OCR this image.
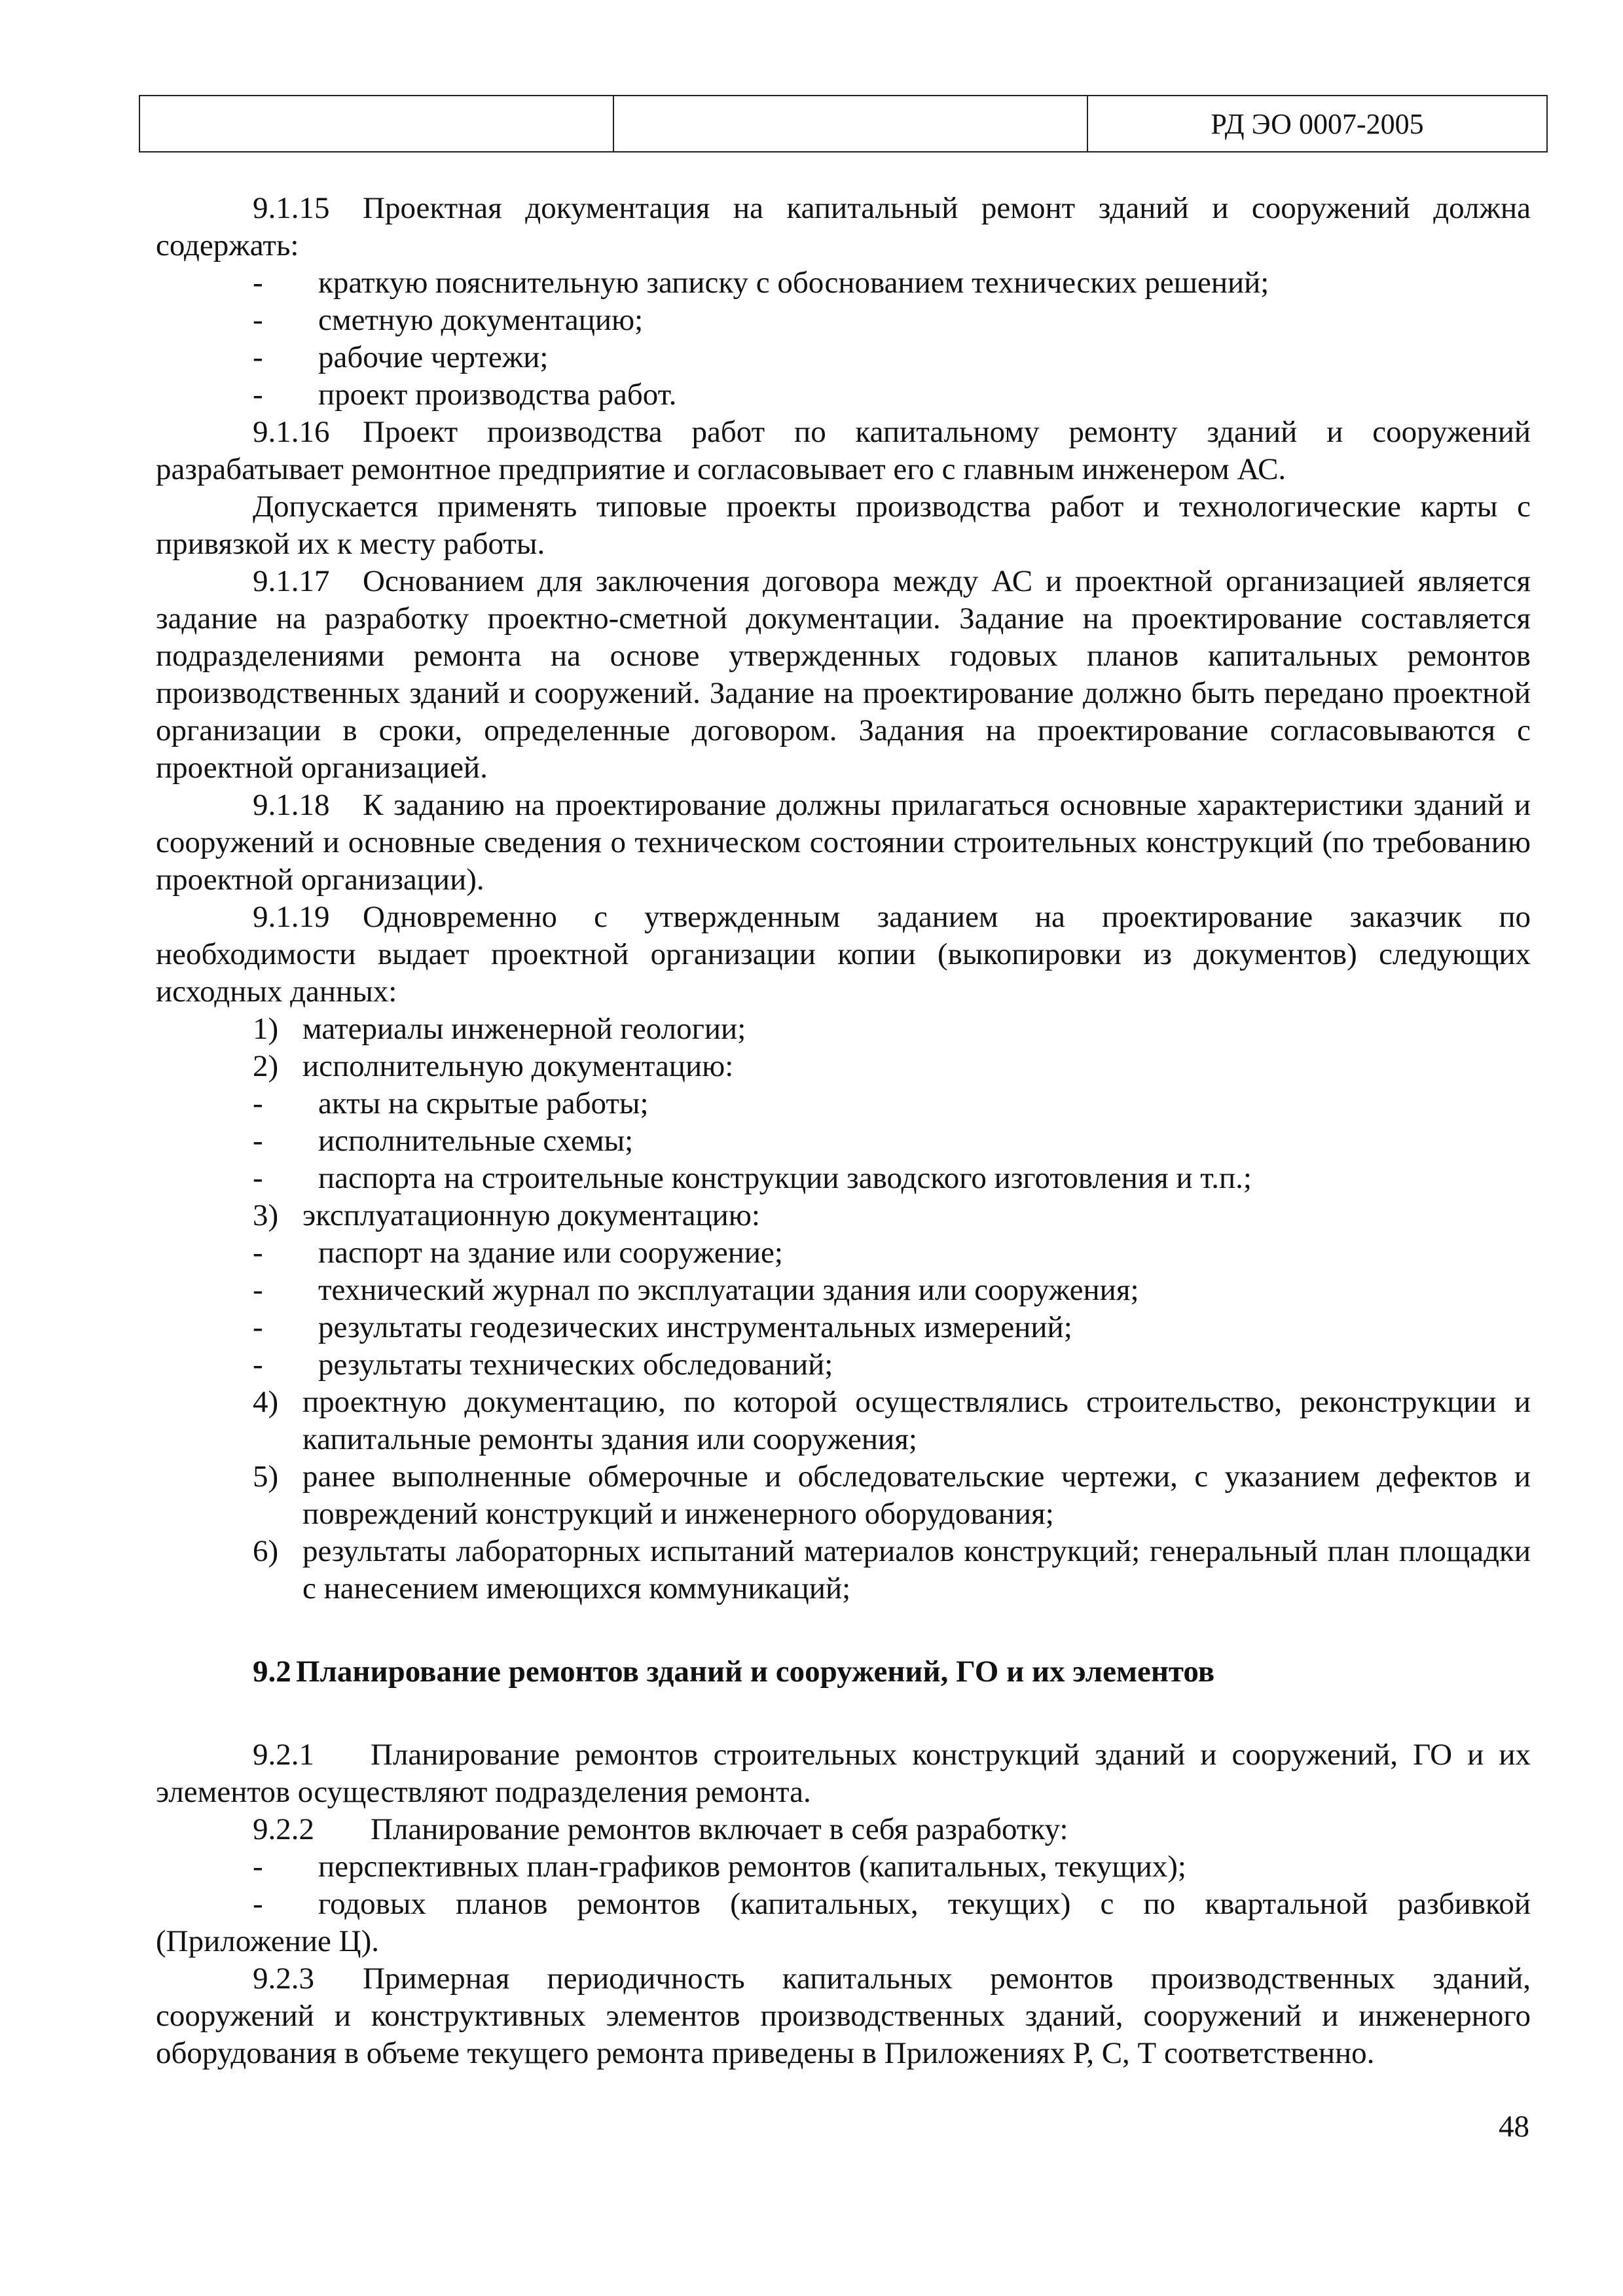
		РД ЭО 0007-2005

9.1.15 Проектная документация на капитальный ремонт зданий и сооружений должна содержать:

- краткую пояснительную записку с обоснованием технических решений;

- сметную документацию;

- рабочие чертежи;

- проект производства работ.

9.1.16 Проект производства работ по капитальному ремонту зданий и сооружений разрабатывает ремонтное предприятие и согласовывает его с главным инженером АС.

Допускается применять типовые проекты производства работ и технологические карты с привязкой их к месту работы.

9.1.17 Основанием для заключения договора между АС и проектной организацией является задание на разработку проектно-сметной документации. Задание на проектирование составляется подразделениями ремонта на основе утвержденных годовых планов капитальных ремонтов производственных зданий и сооружений. Задание на проектирование должно быть передано проектной организации в сроки, определенные договором. Задания на проектирование согласовываются с проектной организацией.

9.1.18 К заданию на проектирование должны прилагаться основные характеристики зданий и сооружений и основные сведения о техническом состоянии строительных конструкций (по требованию проектной организации).

9.1.19 Одновременно с утвержденным заданием на проектирование заказчик по необходимости выдает проектной организации копии (выкопировки из документов) следующих исходных данных:

1) материалы инженерной геологии;

2) исполнительную документацию:

- акты на скрытые работы;

- исполнительные схемы;

- паспорта на строительные конструкции заводского изготовления и т.п.;

3) эксплуатационную документацию:

- паспорт на здание или сооружение;

- технический журнал по эксплуатации здания или сооружения;

- результаты геодезических инструментальных измерений;

- результаты технических обследований;

4) проектную документацию, по которой осуществлялись строительство, реконструкции и капитальные ремонты здания или сооружения;

5) ранее выполненные обмерочные и обследовательские чертежи, с указанием дефектов и повреждений конструкций и инженерного оборудования;

6) результаты лабораторных испытаний материалов конструкций; генеральный план площадки с нанесением имеющихся коммуникаций;

9.2 Планирование ремонтов зданий и сооружений, ГО и их элементов

9.2.1 Планирование ремонтов строительных конструкций зданий и сооружений, ГО и их элементов осуществляют подразделения ремонта.

9.2.2 Планирование ремонтов включает в себя разработку:

- перспективных план-графиков ремонтов (капитальных, текущих);

- годовых планов ремонтов (капитальных, текущих) с по квартальной разбивкой (Приложение Ц).

9.2.3 Примерная периодичность капитальных ремонтов производственных зданий, сооружений и конструктивных элементов производственных зданий, сооружений и инженерного оборудования в объеме текущего ремонта приведены в Приложениях Р, С, Т соответственно.

48
